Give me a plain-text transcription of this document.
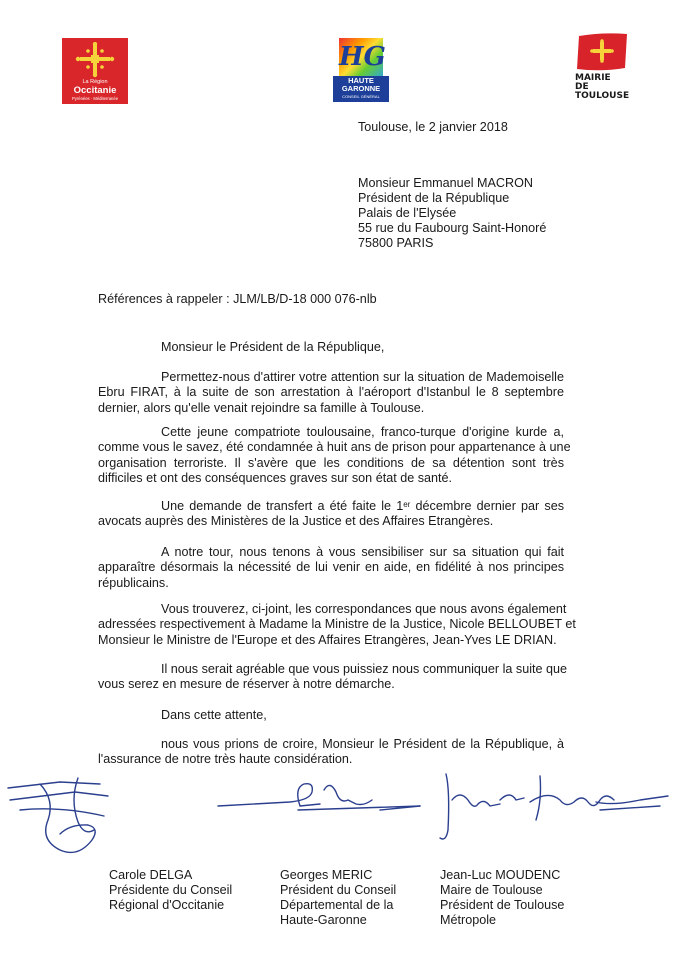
La Région
Occitanie
Pyrénées · Méditerranée
HG
HAUTE
GARONNE
CONSEIL GÉNÉRAL
MAIRIE
DE
TOULOUSE
Toulouse, le 2 janvier 2018
Monsieur Emmanuel MACRON
Président de la République
Palais de l'Elysée
55 rue du Faubourg Saint-Honoré
75800 PARIS
Références à rappeler : JLM/LB/D-18 000 076-nlb
Monsieur le Président de la République,
Permettez-nous d'attirer votre attention sur la situation de Mademoiselle
Ebru FIRAT, à la suite de son arrestation à l'aéroport d'Istanbul le 8 septembre
dernier, alors qu'elle venait rejoindre sa famille à Toulouse.
Cette jeune compatriote toulousaine, franco-turque d'origine kurde a,
comme vous le savez, été condamnée à huit ans de prison pour appartenance à une
organisation terroriste. Il s'avère que les conditions de sa détention sont très
difficiles et ont des conséquences graves sur son état de santé.
Une demande de transfert a été faite le 1er décembre dernier par ses
avocats auprès des Ministères de la Justice et des Affaires Etrangères.
A notre tour, nous tenons à vous sensibiliser sur sa situation qui fait
apparaître désormais la nécessité de lui venir en aide, en fidélité à nos principes
républicains.
Vous trouverez, ci-joint, les correspondances que nous avons également
adressées respectivement à Madame la Ministre de la Justice, Nicole BELLOUBET et
Monsieur le Ministre de l'Europe et des Affaires Etrangères, Jean-Yves LE DRIAN.
Il nous serait agréable que vous puissiez nous communiquer la suite que
vous serez en mesure de réserver à notre démarche.
Dans cette attente,
nous vous prions de croire, Monsieur le Président de la République, à
l'assurance de notre très haute considération.
Carole DELGA
Présidente du Conseil
Régional d'Occitanie
Georges MERIC
Président du Conseil
Départemental de la
Haute-Garonne
Jean-Luc MOUDENC
Maire de Toulouse
Président de Toulouse
Métropole
